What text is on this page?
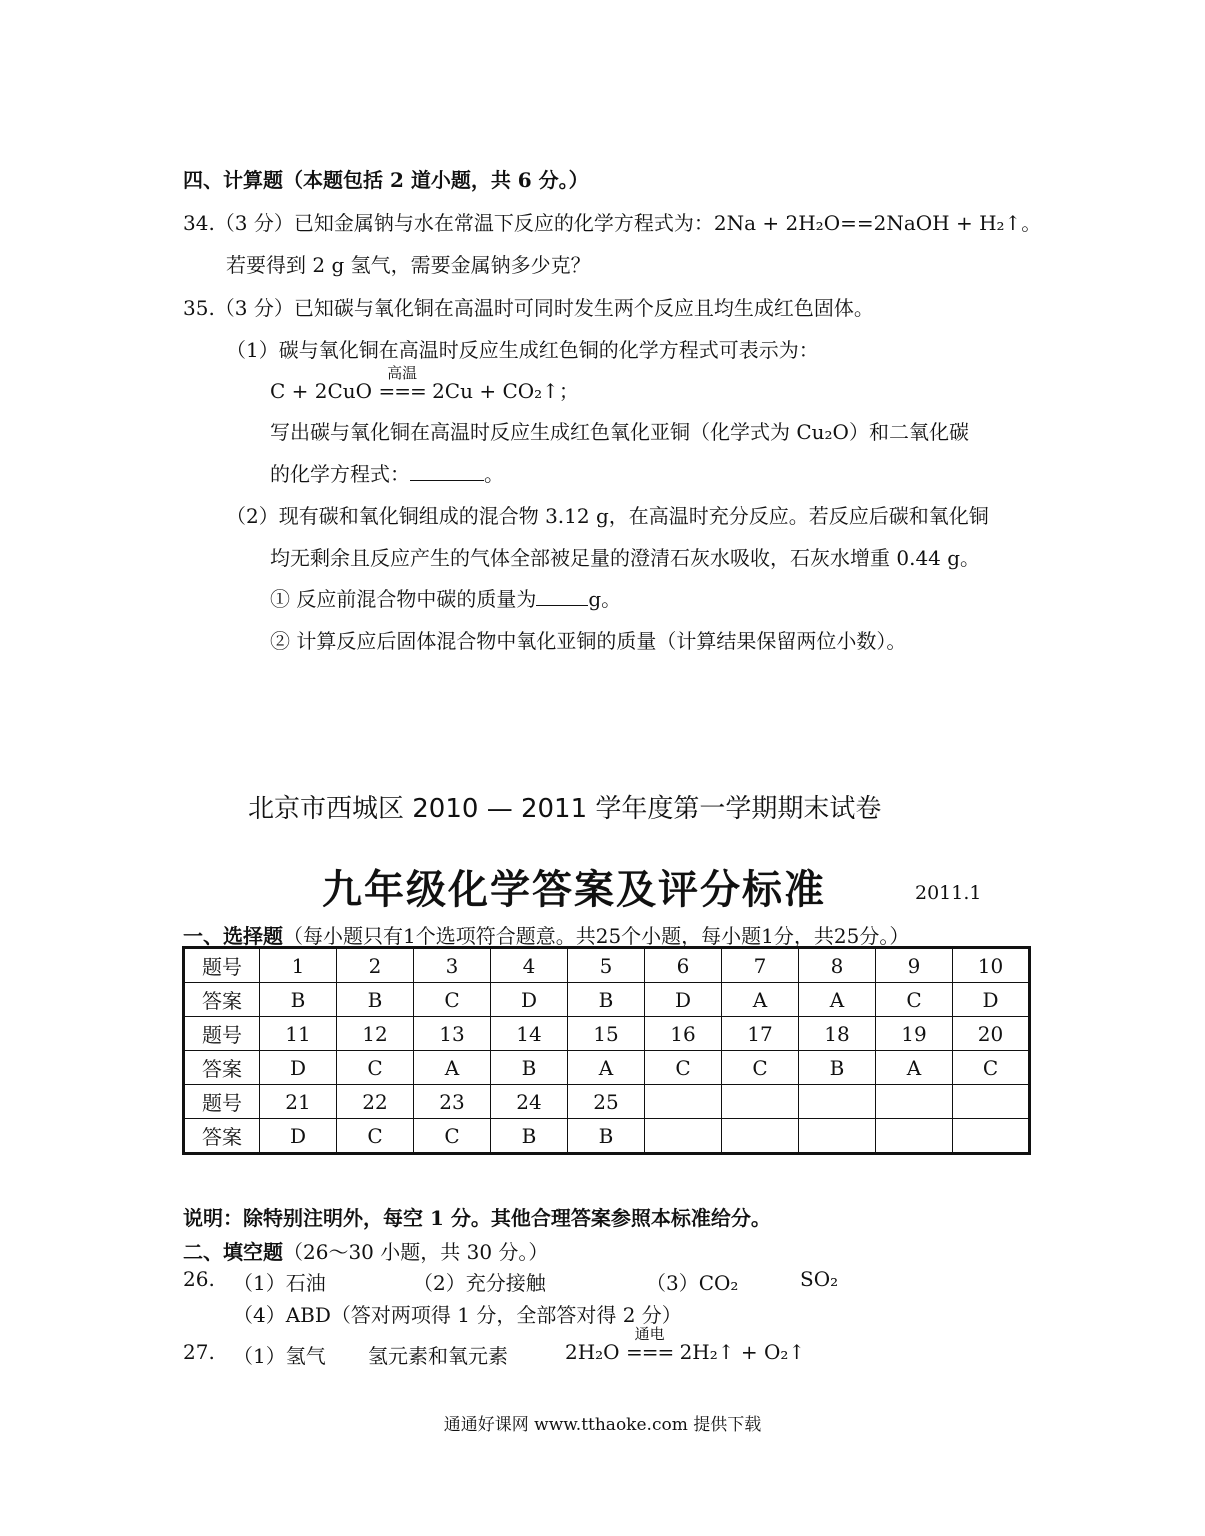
四、计算题（本题包括 2 道小题，共 6 分。）
34.（3 分）已知金属钠与水在常温下反应的化学方程式为：2Na + 2H₂O==2NaOH + H₂↑。
若要得到 2 g 氢气，需要金属钠多少克？
35.（3 分）已知碳与氧化铜在高温时可同时发生两个反应且均生成红色固体。
（1）碳与氧化铜在高温时反应生成红色铜的化学方程式可表示为：
C + 2CuO
高温
=== 2Cu + CO₂↑；
写出碳与氧化铜在高温时反应生成红色氧化亚铜（化学式为 Cu₂O）和二氧化碳
的化学方程式：	。
（2）现有碳和氧化铜组成的混合物 3.12 g，在高温时充分反应。若反应后碳和氧化铜
均无剩余且反应产生的气体全部被足量的澄清石灰水吸收，石灰水增重 0.44 g。
① 反应前混合物中碳的质量为	g。
② 计算反应后固体混合物中氧化亚铜的质量（计算结果保留两位小数）。
北京市西城区 2010 — 2011 学年度第一学期期末试卷
九年级化学答案及评分标准	2011.1
一、选择题（每小题只有1个选项符合题意。共25个小题，每小题1分，共25分。）
题号	1	2	3	4	5	6	7	8	9	10
答案	B	B	C	D	B	D	A	A	C	D
题号	11	12	13	14	15	16	17	18	19	20
答案	D	C	A	B	A	C	C	B	A	C
题号	21	22	23	24	25					
答案	D	C	C	B	B					
说明：除特别注明外，每空 1 分。其他合理答案参照本标准给分。
二、填空题（26～30 小题，共 30 分。）
26. （1）石油	（2）充分接触	（3）CO₂	SO₂
（4）ABD（答对两项得 1 分，全部答对得 2 分）
27. （1）氢气 氢元素和氧元素	2H₂O
通电
=== 2H₂↑ + O₂↑
通通好课网 www.tthaoke.com 提供下载
